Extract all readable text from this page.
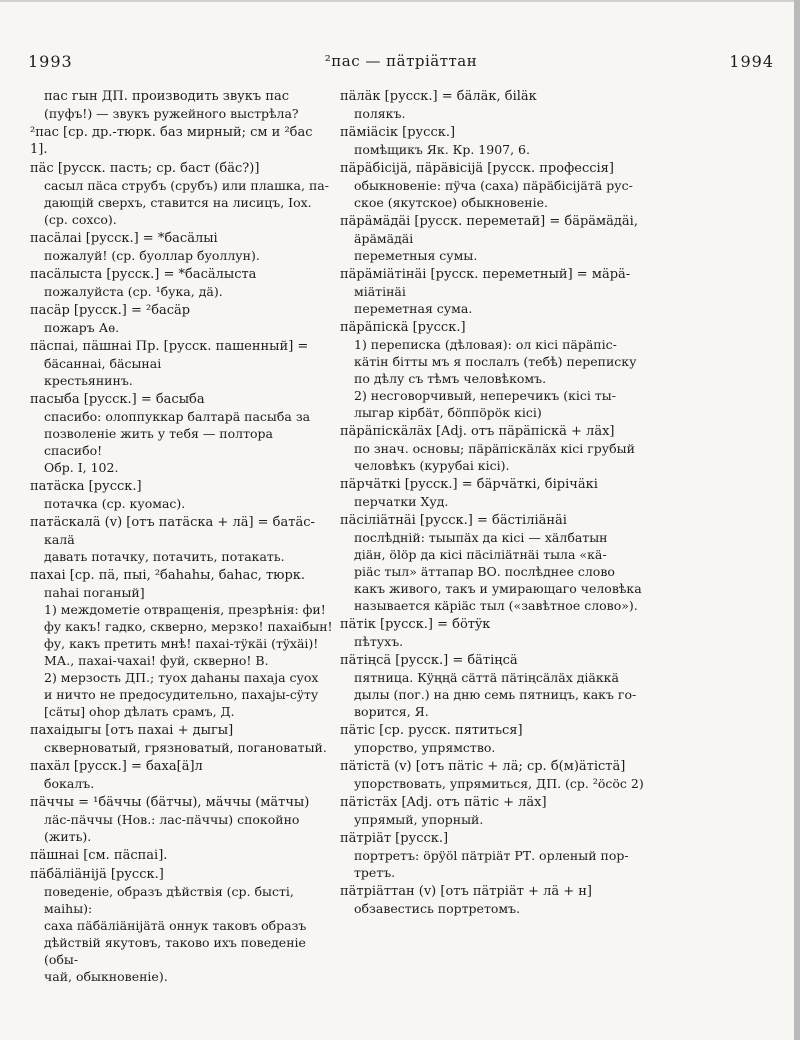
1993	²пас — пäтріäттан	1994
пас гын ДП. производить звукъ пас
(пуфъ!) — звукъ ружейного выстрѣла?
²пас [ср. др.-тюрк. баз мирный; см и ²бас 1].
пäс [русск. пасть; ср. баст (бäс?)]
сасыл пäса струбъ (срубъ) или плашка, па-
дающій сверхъ, ставится на лисицъ, Іох.
(ср. сохсо).
пасäлаі [русск.] = *басäлыі
пожалуй! (ср. буоллар буоллун).
пасäлыста [русск.] = *басäлыста
пожалуйста (ср. ¹бука, дä).
пасäр [русск.] = ²басäр
пожаръ Аѳ.
пäспаі, пäшнаі Пр. [русск. пашенный] =
бäсаннаі, бäсынаі
крестьянинъ.
пасыба [русск.] = басыба
спасибо: олоппуккар балтарä пасыба за
позволеніе жить у тебя — полтора спасибо!
Обр. I, 102.
патäска [русск.]
потачка (ср. куомас).
патäскалä (v) [отъ патäска + лä] = батäс-
калä
давать потачку, потачить, потакать.
пахаі [ср. пä, пыі, ²баhаhы, баhас, тюрк.
паhаі поганый]
1) междометіе отвращенія, презрѣнія: фи!
фу какъ! гадко, скверно, мерзко! пахаібын!
фу, какъ претить мнѣ! пахаі-тÿкäі (тÿхäі)!
МА., пахаі-чахаі! фуй, скверно! В.
2) мерзость ДП.; туох даhаны пахаја суох
и ничто не предосудительно, пахаjы-сÿту
[сäты] оhор дѣлать срамъ, Д.
пахаідыгы [отъ пахаі + дыгы]
скверноватый, грязноватый, погановатый.
пахäл [русск.] = баха[ä]л
бокалъ.
пäччы = ¹бäччы (бäтчы), мäччы (мäтчы)
лäс-пäччы (Нов.: лас-пäччы) спокойно
(жить).
пäшнаі [см. пäспаі].
пäбäлiäнijä [русск.]
поведеніе, образъ дѣйствія (ср. быстi, маіhы):
саха пäбäлiäнijäтä оннук таковъ образъ
дѣйствій якутовъ, таково ихъ поведеніе (обы-
чай, обыкновеніе).
пäлäк [русск.] = бäлäк, біläк
полякъ.
пäмiäсік [русск.]
помѣщикъ Як. Кр. 1907, 6.
пäрäбісіjä, пäрäвісіjä [русск. профессія]
обыкновеніе: пÿча (саха) пäрäбісіjäтä рус-
ское (якутское) обыкновеніе.
пäрäмäдäі [русск. переметай] = бäрäмäдäі,
äрäмäдäі
переметныя сумы.
пäрäміäтінäі [русск. переметный] = мäрä-
міäтінäі
переметная сума.
пäрäпіскä [русск.]
1) переписка (дѣловая): ол кісі пäрäпіс-
кäтін бітты мъ я послалъ (тебѣ) переписку
по дѣлу съ тѣмъ человѣкомъ.
2) несговорчивый, неперечикъ (кісі ты-
лыгар кірбäт, бöппöрöк кісі)
пäрäпіскäлäх [Adj. отъ пäрäпіскä + лäх]
по знач. основы; пäрäпіскäлäх кісі грубый
человѣкъ (курубаі кісі).
пäрчäткі [русск.] = бäрчäткі, бірічäкі
перчатки Худ.
пäсіліäтнäі [русск.] = бäстіліäнäі
послѣдній: тыыпäх да кісі — хäлбатын
діäн, ölöр да кісі пäсіліäтнäі тыла «кä-
ріäс тыл» äттапар ВО. послѣднее слово
какъ живого, такъ и умирающаго человѣка
называется кäріäс тыл («завѣтное слово»).
пäтік [русск.] = бöтÿк
пѣтухъ.
пäтіңсä [русск.] = бäтіңсä
пятница. Кÿңңä сäттä пäтіңсäлäх діäккä
дылы (пог.) на дню семь пятницъ, какъ го-
ворится, Я.
пäтіс [ср. русск. пятиться]
упорство, упрямство.
пäтістä (v) [отъ пäтіс + лä; ср. б(м)äтістä]
упорствовать, упрямиться, ДП. (ср. ²öсöс 2)
пäтістäх [Adj. отъ пäтіс + лäх]
упрямый, упорный.
пäтріäт [русск.]
портретъ: öрÿöl пäтріäт РТ. орленый пор-
третъ.
пäтріäттан (v) [отъ пäтріäт + лä + н]
обзавестись портретомъ.
